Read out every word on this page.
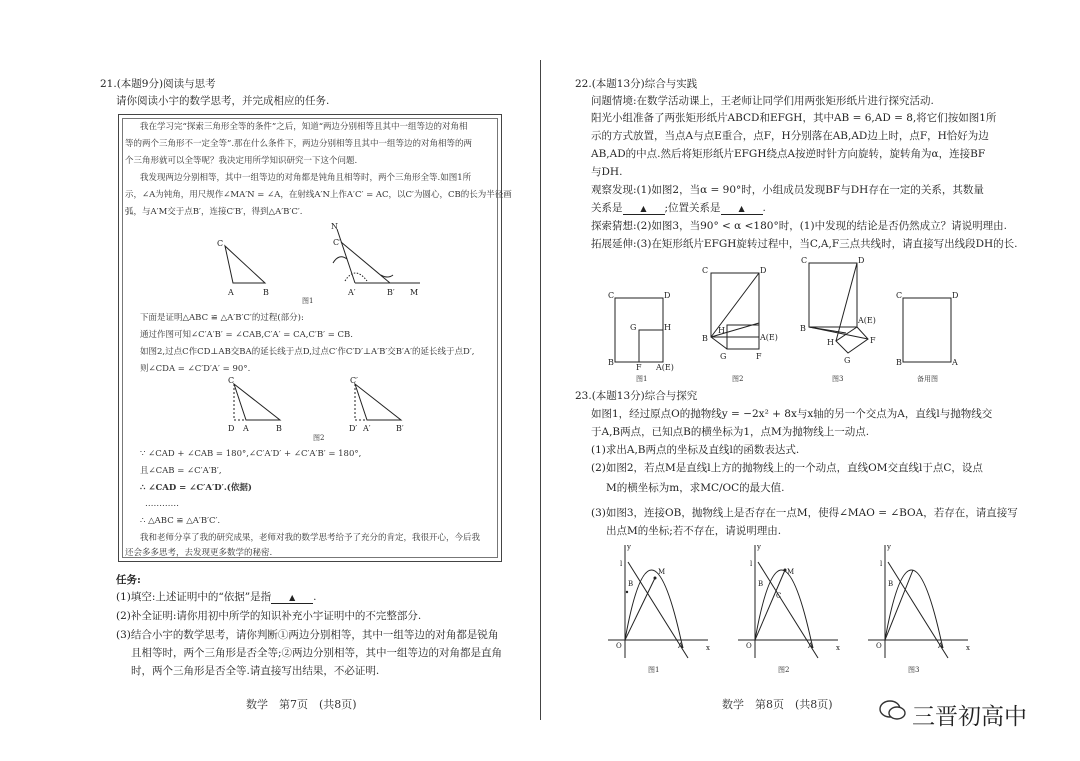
21.(本题9分)阅读与思考
请你阅读小宇的数学思考，并完成相应的任务.
我在学习完“探索三角形全等的条件”之后，知道“两边分别相等且其中一组等边的对角相
等的两个三角形不一定全等”.那在什么条件下，两边分别相等且其中一组等边的对角相等的两
个三角形就可以全等呢？我决定用所学知识研究一下这个问题.
我发现两边分别相等，其中一组等边的对角都是钝角且相等时，两个三角形全等.如图1所
示，∠A为钝角，用尺规作∠MA′N = ∠A，在射线A′N上作A′C′ = AC，以C′为圆心，CB的长为半径画
弧，与A′M交于点B′，连接C′B′，得到△A′B′C′.
C
A	B
N
C′
A′	B′ M
图1
下面是证明△ABC ≌ △A′B′C′的过程(部分):
通过作图可知∠C′A′B′ = ∠CAB,C′A′ = CA,C′B′ = CB.
如图2,过点C作CD⊥AB交BA的延长线于点D,过点C′作C′D′⊥A′B′交B′A′的延长线于点D′,
则∠CDA = ∠C′D′A′ = 90°.
C
D A	B
C′
D′ A′	B′
图2
∵ ∠CAD + ∠CAB = 180°,∠C′A′D′ + ∠C′A′B′ = 180°,
且∠CAB = ∠C′A′B′,
∴ ∠CAD = ∠C′A′D′.(依据)
…………
∴ △ABC ≌ △A′B′C′.
我和老师分享了我的研究成果，老师对我的数学思考给予了充分的肯定，我很开心，今后我
还会多多思考，去发现更多数学的秘密.
任务:
(1)填空:上述证明中的“依据”是指 ▲ .
(2)补全证明:请你用初中所学的知识补充小宇证明中的不完整部分.
(3)结合小宇的数学思考，请你判断①两边分别相等，其中一组等边的对角都是锐角
且相等时，两个三角形是否全等;②两边分别相等，其中一组等边的对角都是直角
时，两个三角形是否全等.请直接写出结果，不必证明.
数学　第7页　(共8页)
22.(本题13分)综合与实践
问题情境:在数学活动课上，王老师让同学们用两张矩形纸片进行探究活动.
阳光小组准备了两张矩形纸片ABCD和EFGH，其中AB = 6,AD = 8,将它们按如图1所
示的方式放置，当点A与点E重合，点F，H分别落在AB,AD边上时，点F，H恰好为边
AB,AD的中点.然后将矩形纸片EFGH绕点A按逆时针方向旋转，旋转角为α，连接BF
与DH.
观察发现:(1)如图2，当α = 90°时，小组成员发现BF与DH存在一定的关系，其数量
关系是 ▲ ;位置关系是 ▲ .
探索猜想:(2)如图3，当90° < α <180°时，(1)中发现的结论是否仍然成立？请说明理由.
拓展延伸:(3)在矩形纸片EFGH旋转过程中，当C,A,F三点共线时，请直接写出线段DH的长.
C	D
B
G	H
F A(E)
C	D
B
H
A(E)
G	F
C	D
B
A(E)
F
H
G
C	D
B	A
图1	图2	图3	备用图
23.(本题13分)综合与探究
如图1，经过原点O的抛物线y = −2x² + 8x与x轴的另一个交点为A，直线l与抛物线交
于A,B两点，已知点B的横坐标为1，点M为抛物线上一动点.
(1)求出A,B两点的坐标及直线l的函数表达式.
(2)如图2，若点M是直线l上方的抛物线上的一个动点，直线OM交直线l于点C，设点
M的横坐标为m，求MC/OC的最大值.
(3)如图3，连接OB，抛物线上是否存在一点M，使得∠MAO = ∠BOA，若存在，请直接写
出点M的坐标;若不存在，请说明理由.
y
x
O	A
B
M
l
y
x
O	A
B
M
l
C
y
x
O	A
B
l
图1	图2	图3
数学　第8页　(共8页)	三晋初高中
